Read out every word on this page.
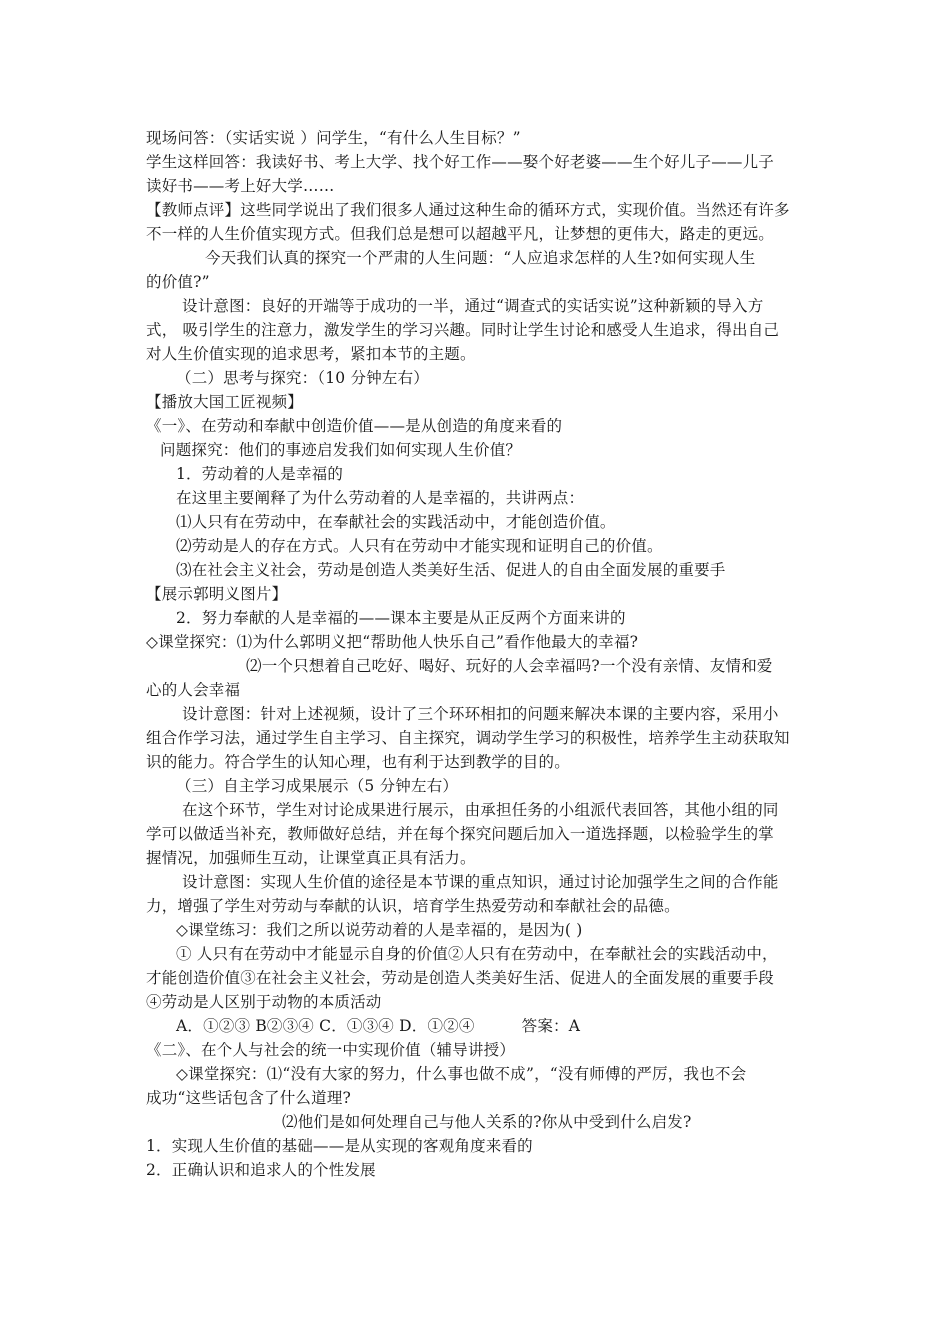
现场问答：（实话实说 ）问学生，“有什么人生目标？”
学生这样回答：我读好书、考上大学、找个好工作——娶个好老婆——生个好儿子——儿子
读好书——考上好大学……
【教师点评】这些同学说出了我们很多人通过这种生命的循环方式，实现价值。当然还有许多
不一样的人生价值实现方式。但我们总是想可以超越平凡，让梦想的更伟大，路走的更远。
今天我们认真的探究一个严肃的人生问题：“人应追求怎样的人生?如何实现人生
的价值?”
设计意图：良好的开端等于成功的一半，通过“调查式的实话实说”这种新颖的导入方
式， 吸引学生的注意力，激发学生的学习兴趣。同时让学生讨论和感受人生追求，得出自己
对人生价值实现的追求思考，紧扣本节的主题。
（二）思考与探究：（10 分钟左右）
【播放大国工匠视频】
《一》、在劳动和奉献中创造价值——是从创造的角度来看的
问题探究：他们的事迹启发我们如何实现人生价值？
1．劳动着的人是幸福的
在这里主要阐释了为什么劳动着的人是幸福的，共讲两点：
⑴人只有在劳动中，在奉献社会的实践活动中，才能创造价值。
⑵劳动是人的存在方式。人只有在劳动中才能实现和证明自己的价值。
⑶在社会主义社会，劳动是创造人类美好生活、促进人的自由全面发展的重要手
【展示郭明义图片】
2．努力奉献的人是幸福的——课本主要是从正反两个方面来讲的
◇课堂探究：⑴为什么郭明义把“帮助他人快乐自己”看作他最大的幸福?
⑵一个只想着自己吃好、喝好、玩好的人会幸福吗?一个没有亲情、友情和爱
心的人会幸福
设计意图：针对上述视频，设计了三个环环相扣的问题来解决本课的主要内容，采用小
组合作学习法，通过学生自主学习、自主探究，调动学生学习的积极性，培养学生主动获取知
识的能力。符合学生的认知心理，也有利于达到教学的目的。
（三）自主学习成果展示（5 分钟左右）
在这个环节，学生对讨论成果进行展示，由承担任务的小组派代表回答，其他小组的同
学可以做适当补充，教师做好总结，并在每个探究问题后加入一道选择题，以检验学生的掌
握情况，加强师生互动，让课堂真正具有活力。
设计意图：实现人生价值的途径是本节课的重点知识，通过讨论加强学生之间的合作能
力，增强了学生对劳动与奉献的认识，培育学生热爱劳动和奉献社会的品德。
◇课堂练习：我们之所以说劳动着的人是幸福的，是因为( )
① 人只有在劳动中才能显示自身的价值②人只有在劳动中，在奉献社会的实践活动中，
才能创造价值③在社会主义社会，劳动是创造人类美好生活、促进人的全面发展的重要手段
④劳动是人区别于动物的本质活动
A．①②③ B②③④ C．①③④ D．①②④　　　答案：A
《二》、在个人与社会的统一中实现价值（辅导讲授）
◇课堂探究：⑴“没有大家的努力，什么事也做不成”，“没有师傅的严厉，我也不会
成功“这些话包含了什么道理?
⑵他们是如何处理自己与他人关系的?你从中受到什么启发?
1．实现人生价值的基础——是从实现的客观角度来看的
2．正确认识和追求人的个性发展
